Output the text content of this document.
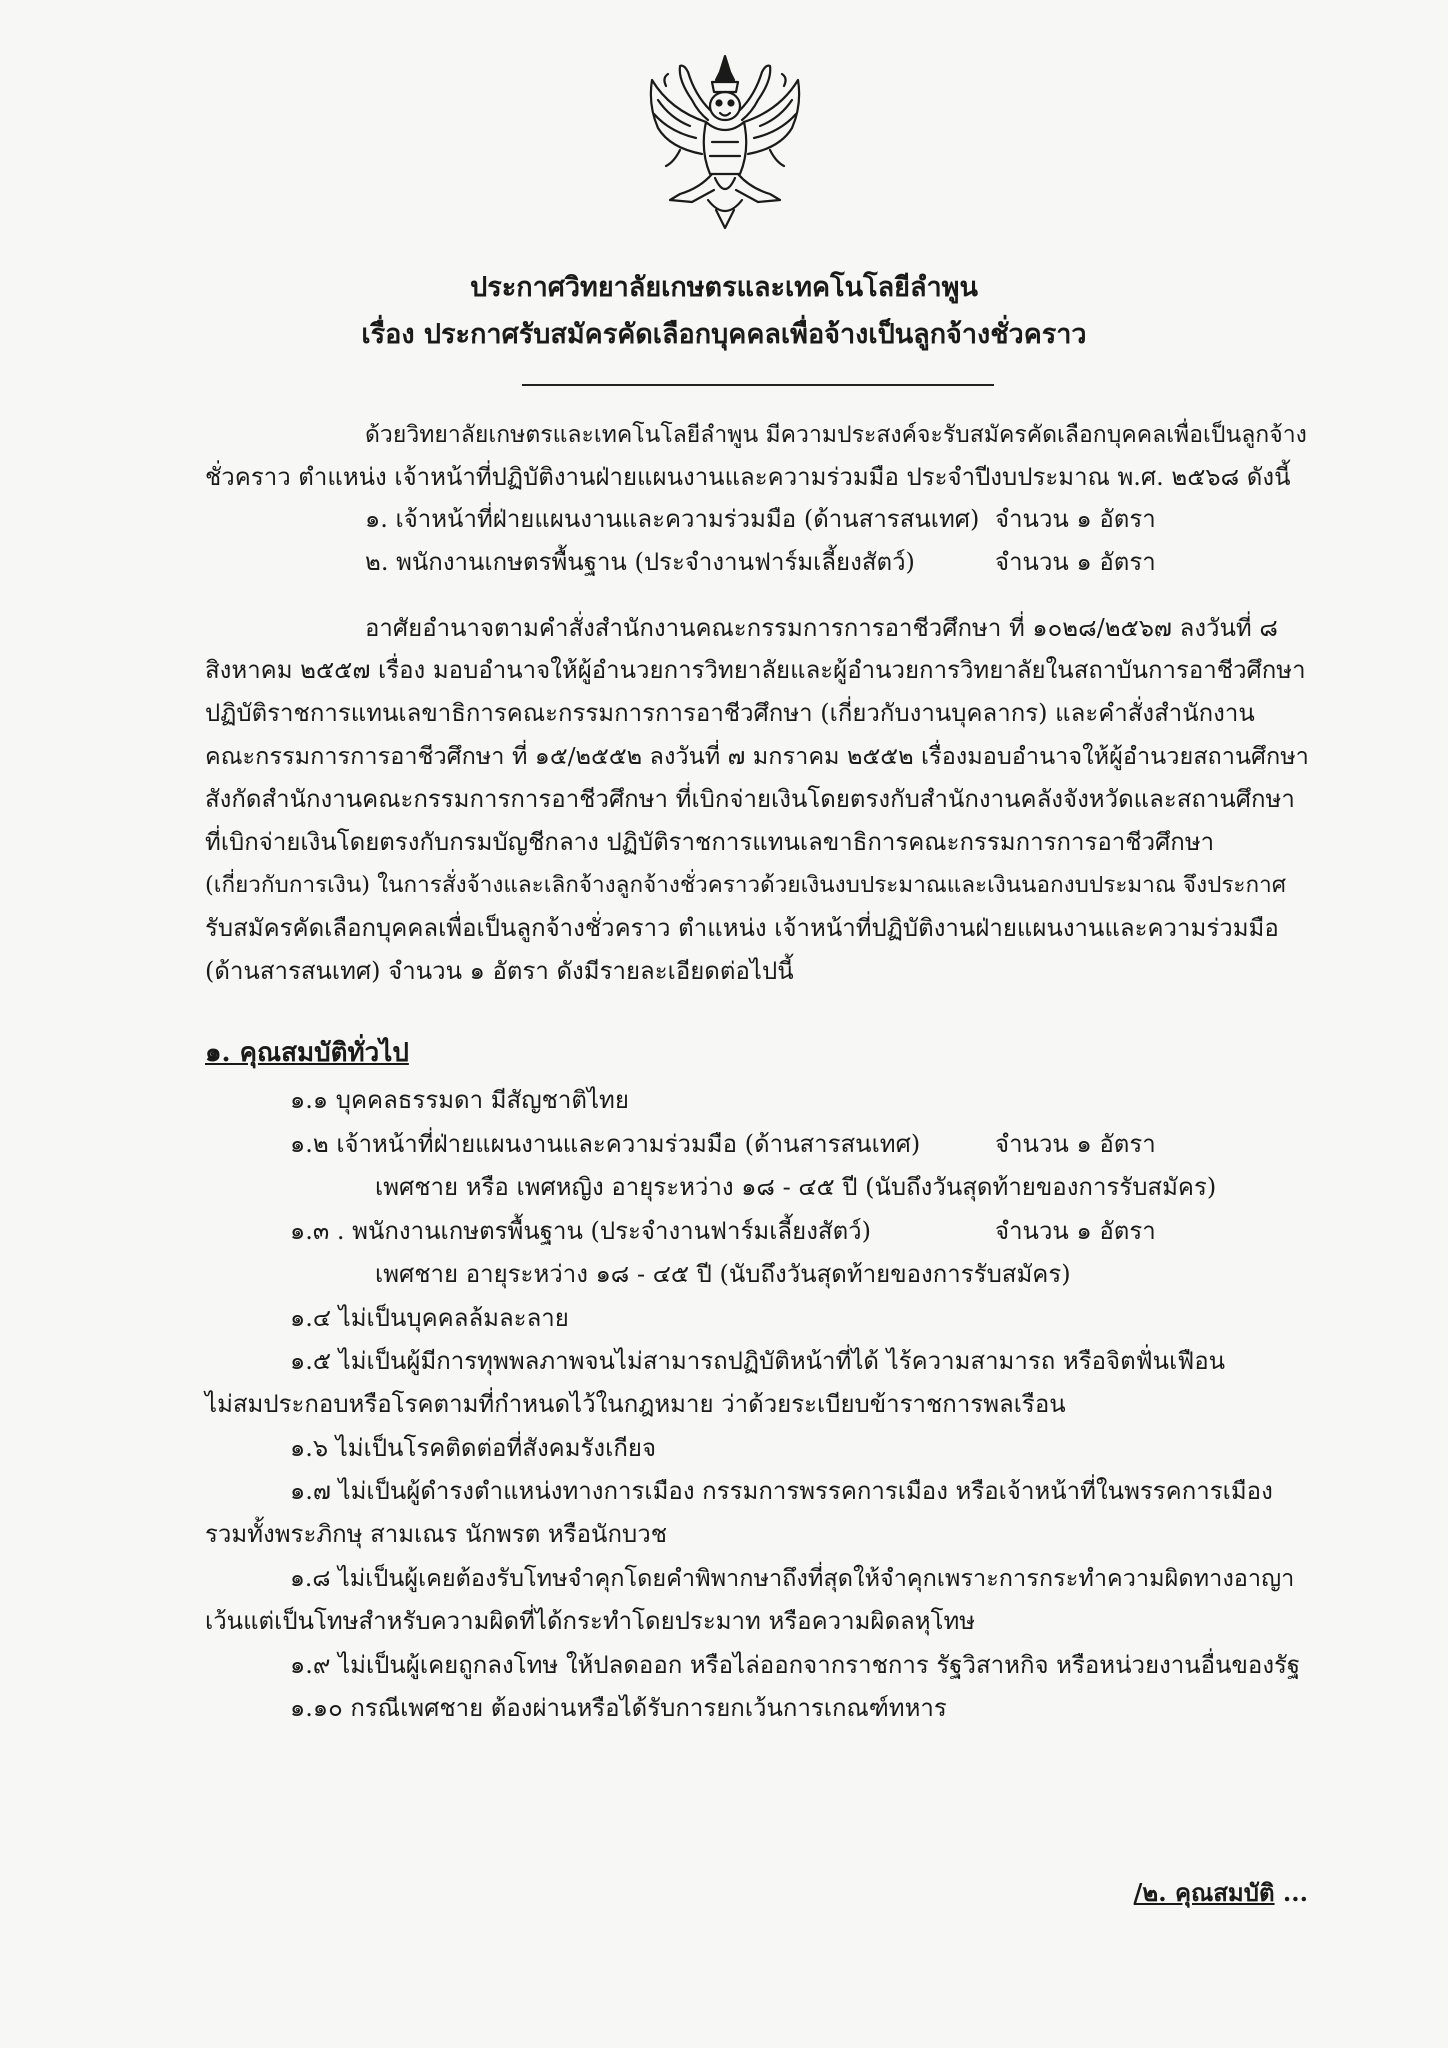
ประกาศวิทยาลัยเกษตรและเทคโนโลยีลำพูน
เรื่อง ประกาศรับสมัครคัดเลือกบุคคลเพื่อจ้างเป็นลูกจ้างชั่วคราว
ด้วยวิทยาลัยเกษตรและเทคโนโลยีลำพูน มีความประสงค์จะรับสมัครคัดเลือกบุคคลเพื่อเป็นลูกจ้าง
ชั่วคราว ตำแหน่ง เจ้าหน้าที่ปฏิบัติงานฝ่ายแผนงานและความร่วมมือ ประจำปีงบประมาณ พ.ศ. ๒๕๖๘ ดังนี้
๑. เจ้าหน้าที่ฝ่ายแผนงานและความร่วมมือ (ด้านสารสนเทศ) จำนวน ๑ อัตรา
๒. พนักงานเกษตรพื้นฐาน (ประจำงานฟาร์มเลี้ยงสัตว์)	จำนวน ๑ อัตรา
อาศัยอำนาจตามคำสั่งสำนักงานคณะกรรมการการอาชีวศึกษา ที่ ๑๐๒๘/๒๕๖๗ ลงวันที่ ๘
สิงหาคม ๒๕๕๗ เรื่อง มอบอำนาจให้ผู้อำนวยการวิทยาลัยและผู้อำนวยการวิทยาลัยในสถาบันการอาชีวศึกษา
ปฏิบัติราชการแทนเลขาธิการคณะกรรมการการอาชีวศึกษา (เกี่ยวกับงานบุคลากร) และคำสั่งสำนักงาน
คณะกรรมการการอาชีวศึกษา ที่ ๑๕/๒๕๕๒ ลงวันที่ ๗ มกราคม ๒๕๕๒ เรื่องมอบอำนาจให้ผู้อำนวยสถานศึกษา
สังกัดสำนักงานคณะกรรมการการอาชีวศึกษา ที่เบิกจ่ายเงินโดยตรงกับสำนักงานคลังจังหวัดและสถานศึกษา
ที่เบิกจ่ายเงินโดยตรงกับกรมบัญชีกลาง ปฏิบัติราชการแทนเลขาธิการคณะกรรมการการอาชีวศึกษา
(เกี่ยวกับการเงิน) ในการสั่งจ้างและเลิกจ้างลูกจ้างชั่วคราวด้วยเงินงบประมาณและเงินนอกงบประมาณ จึงประกาศ
รับสมัครคัดเลือกบุคคลเพื่อเป็นลูกจ้างชั่วคราว ตำแหน่ง เจ้าหน้าที่ปฏิบัติงานฝ่ายแผนงานและความร่วมมือ
(ด้านสารสนเทศ) จำนวน ๑ อัตรา ดังมีรายละเอียดต่อไปนี้
๑. คุณสมบัติทั่วไป
๑.๑ บุคคลธรรมดา มีสัญชาติไทย
๑.๒ เจ้าหน้าที่ฝ่ายแผนงานและความร่วมมือ (ด้านสารสนเทศ)	จำนวน ๑ อัตรา
เพศชาย หรือ เพศหญิง อายุระหว่าง ๑๘ - ๔๕ ปี (นับถึงวันสุดท้ายของการรับสมัคร)
๑.๓ . พนักงานเกษตรพื้นฐาน (ประจำงานฟาร์มเลี้ยงสัตว์)	จำนวน ๑ อัตรา
เพศชาย อายุระหว่าง ๑๘ - ๔๕ ปี (นับถึงวันสุดท้ายของการรับสมัคร)
๑.๔ ไม่เป็นบุคคลล้มละลาย
๑.๕ ไม่เป็นผู้มีการทุพพลภาพจนไม่สามารถปฏิบัติหน้าที่ได้ ไร้ความสามารถ หรือจิตฟั่นเฟือน
ไม่สมประกอบหรือโรคตามที่กำหนดไว้ในกฎหมาย ว่าด้วยระเบียบข้าราชการพลเรือน
๑.๖ ไม่เป็นโรคติดต่อที่สังคมรังเกียจ
๑.๗ ไม่เป็นผู้ดำรงตำแหน่งทางการเมือง กรรมการพรรคการเมือง หรือเจ้าหน้าที่ในพรรคการเมือง
รวมทั้งพระภิกษุ สามเณร นักพรต หรือนักบวช
๑.๘ ไม่เป็นผู้เคยต้องรับโทษจำคุกโดยคำพิพากษาถึงที่สุดให้จำคุกเพราะการกระทำความผิดทางอาญา
เว้นแต่เป็นโทษสำหรับความผิดที่ได้กระทำโดยประมาท หรือความผิดลหุโทษ
๑.๙ ไม่เป็นผู้เคยถูกลงโทษ ให้ปลดออก หรือไล่ออกจากราชการ รัฐวิสาหกิจ หรือหน่วยงานอื่นของรัฐ
๑.๑๐ กรณีเพศชาย ต้องผ่านหรือได้รับการยกเว้นการเกณฑ์ทหาร
/๒. คุณสมบัติ ...
